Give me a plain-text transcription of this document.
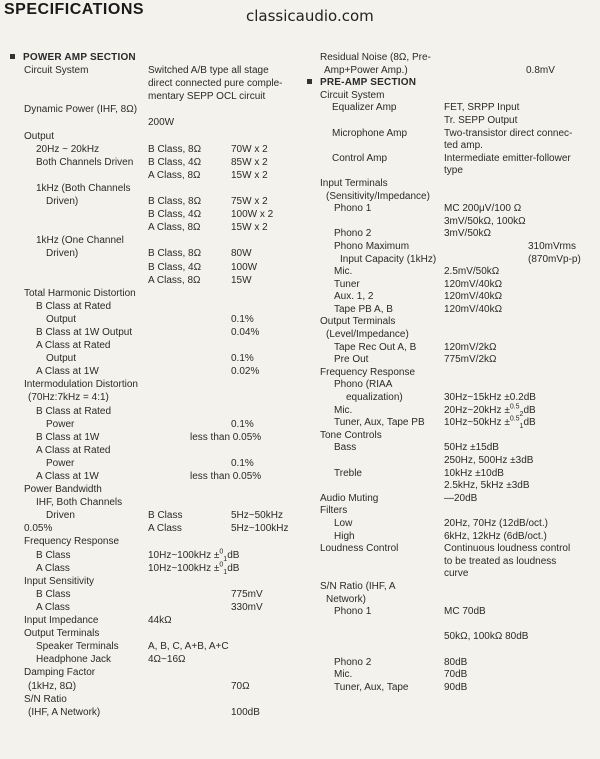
SPECIFICATIONS	classicaudio.com
POWER AMP SECTION
Circuit System	Switched A/B type all stage
direct connected pure comple-
mentary SEPP OCL circuit
Dynamic Power (IHF, 8Ω)
200W
Output
20Hz ~ 20kHz	B Class, 8Ω	70W x 2
Both Channels Driven B Class, 4Ω	85W x 2
A Class, 8Ω	15W x 2
1kHz (Both Channels
Driven)	B Class, 8Ω	75W x 2
B Class, 4Ω	100W x 2
A Class, 8Ω	15W x 2
1kHz (One Channel
Driven)	B Class, 8Ω	80W
B Class, 4Ω	100W
A Class, 8Ω	15W
Total Harmonic Distortion
B Class at Rated
Output	0.1%
B Class at 1W Output	0.04%
A Class at Rated
Output	0.1%
A Class at 1W	0.02%
Intermodulation Distortion
(70Hz:7kHz = 4:1)
B Class at Rated
Power	0.1%
B Class at 1W	less than 0.05%
A Class at Rated
Power	0.1%
A Class at 1W	less than 0.05%
Power Bandwidth
IHF, Both Channels
Driven	B Class	5Hz~50kHz
0.05%	A Class	5Hz~100kHz
Frequency Response
B Class	10Hz~100kHz ±$^0_1$dB
A Class	10Hz~100kHz ±$^0_1$dB
Input Sensitivity
B Class	775mV
A Class	330mV
Input Impedance	44kΩ
Output Terminals
Speaker Terminals	A, B, C, A+B, A+C
Headphone Jack	4Ω~16Ω
Damping Factor
(1kHz, 8Ω)	70Ω
S/N Ratio
(IHF, A Network)	100dB
Residual Noise (8Ω, Pre-
Amp+Power Amp.)	0.8mV
PRE-AMP SECTION
Circuit System
Equalizer Amp	FET, SRPP Input
Tr. SEPP Output
Microphone Amp	Two-transistor direct connec-
ted amp.
Control Amp	Intermediate emitter-follower
type
Input Terminals
(Sensitivity/Impedance)
Phono 1	MC 200μV/100 Ω
3mV/50kΩ, 100kΩ
Phono 2	3mV/50kΩ
Phono Maximum	310mVrms
Input Capacity (1kHz)	(870mVp-p)
Mic.	2.5mV/50kΩ
Tuner	120mV/40kΩ
Aux. 1, 2	120mV/40kΩ
Tape PB A, B	120mV/40kΩ
Output Terminals
(Level/Impedance)
Tape Rec Out A, B	120mV/2kΩ
Pre Out	775mV/2kΩ
Frequency Response
Phono (RIAA
equalization)	30Hz~15kHz ±0.2dB
Mic.	20Hz~20kHz ±$^{0.5}_2$dB
Tuner, Aux, Tape PB 10Hz~50kHz ±$^{0.5}_1$dB
Tone Controls
Bass	50Hz ±15dB
250Hz, 500Hz ±3dB
Treble	10kHz ±10dB
2.5kHz, 5kHz ±3dB
Audio Muting	—20dB
Filters
Low	20Hz, 70Hz (12dB/oct.)
High	6kHz, 12kHz (6dB/oct.)
Loudness Control	Continuous loudness control
to be treated as loudness
curve
S/N Ratio (IHF, A
Network)
Phono 1	MC 70dB
50kΩ, 100kΩ 80dB
Phono 2	80dB
Mic.	70dB
Tuner, Aux, Tape	90dB
